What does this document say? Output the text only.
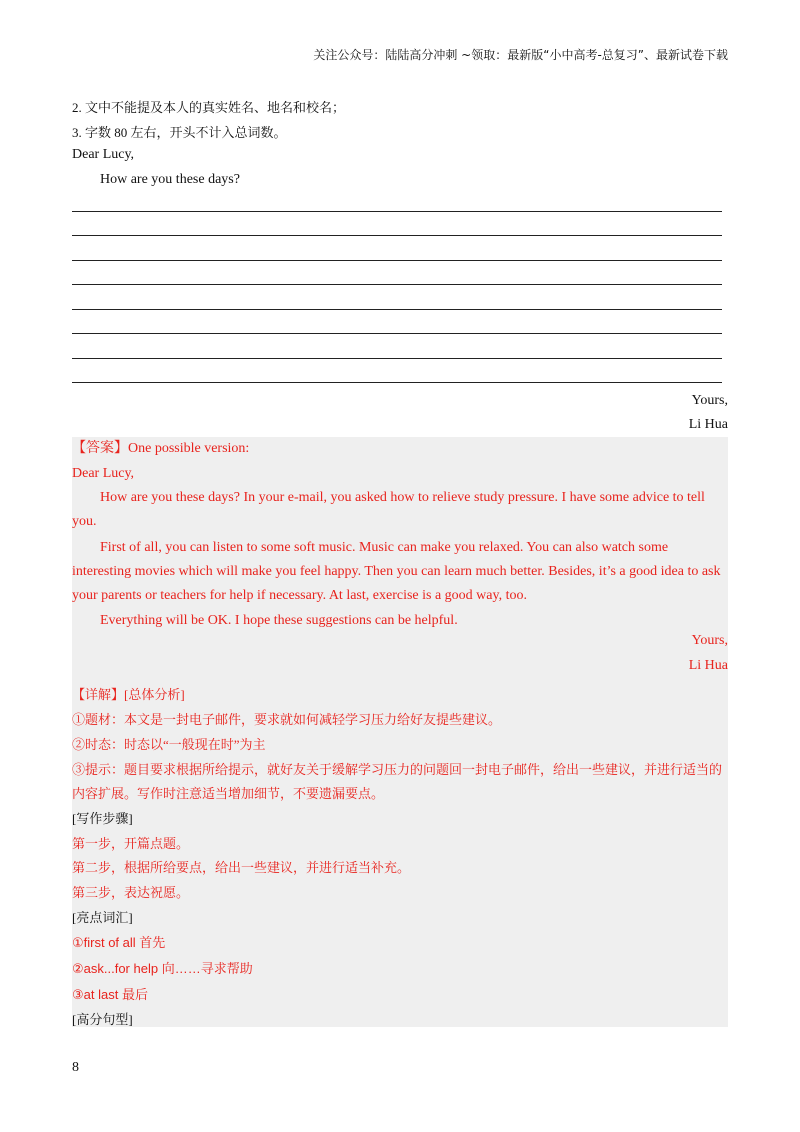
关注公众号：陆陆高分冲刺 ~领取：最新版“小中高考-总复习”、最新试卷下载
2. 文中不能提及本人的真实姓名、地名和校名；
3. 字数 80 左右，开头不计入总词数。
Dear Lucy,
How are you these days?
Yours,
Li Hua
【答案】One possible version:
Dear Lucy,
How are you these days? In your e-mail, you asked how to relieve study pressure. I have some advice to tell you.
First of all, you can listen to some soft music. Music can make you relaxed. You can also watch some interesting movies which will make you feel happy. Then you can learn much better. Besides, it’s a good idea to ask your parents or teachers for help if necessary. At last, exercise is a good way, too.
Everything will be OK. I hope these suggestions can be helpful.
Yours,
Li Hua
【详解】[总体分析]
①题材：本文是一封电子邮件，要求就如何减轻学习压力给好友提些建议。
②时态：时态以“一般现在时”为主
③提示：题目要求根据所给提示，就好友关于缓解学习压力的问题回一封电子邮件，给出一些建议，并进行适当的内容扩展。写作时注意适当增加细节，不要遗漏要点。
[写作步骤]
第一步，开篇点题。
第二步，根据所给要点，给出一些建议，并进行适当补充。
第三步，表达祝愿。
[亮点词汇]
①first of all 首先
②ask...for help 向……寻求帮助
③at last 最后
[高分句型]
8
